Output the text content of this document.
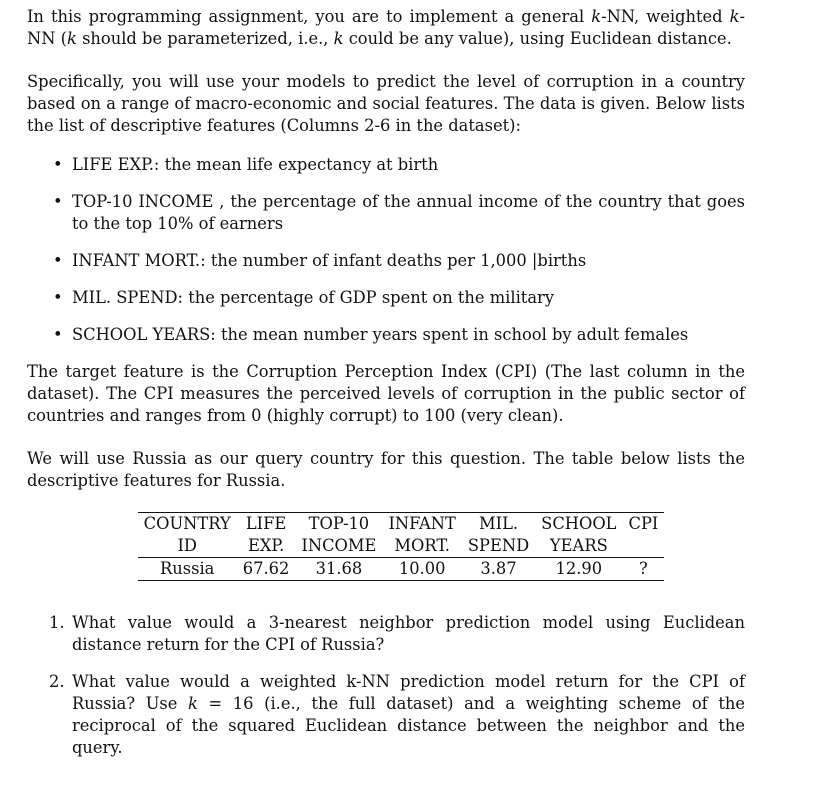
In this programming assignment, you are to implement a general k-NN, weighted k-NN (k should be parameterized, i.e., k could be any value), using Euclidean distance.

Specifically, you will use your models to predict the level of corruption in a country based on a range of macro-economic and social features. The data is given. Below lists the list of descriptive features (Columns 2-6 in the dataset):

• LIFE EXP.: the mean life expectancy at birth
• TOP-10 INCOME , the percentage of the annual income of the country that goes to the top 10% of earners
• INFANT MORT.: the number of infant deaths per 1,000 |births
• MIL. SPEND: the percentage of GDP spent on the military
• SCHOOL YEARS: the mean number years spent in school by adult females

The target feature is the Corruption Perception Index (CPI) (The last column in the dataset). The CPI measures the perceived levels of corruption in the public sector of countries and ranges from 0 (highly corrupt) to 100 (very clean).

We will use Russia as our query country for this question. The table below lists the descriptive features for Russia.

COUNTRY	LIFE	TOP-10	INFANT	MIL.	SCHOOL	CPI
ID	EXP.	INCOME	MORT.	SPEND	YEARS	
Russia	67.62	31.68	10.00	3.87	12.90	?
1. What value would a 3-nearest neighbor prediction model using Euclidean distance return for the CPI of Russia?
2. What value would a weighted k-NN prediction model return for the CPI of Russia? Use k = 16 (i.e., the full dataset) and a weighting scheme of the reciprocal of the squared Euclidean distance between the neighbor and the query.
